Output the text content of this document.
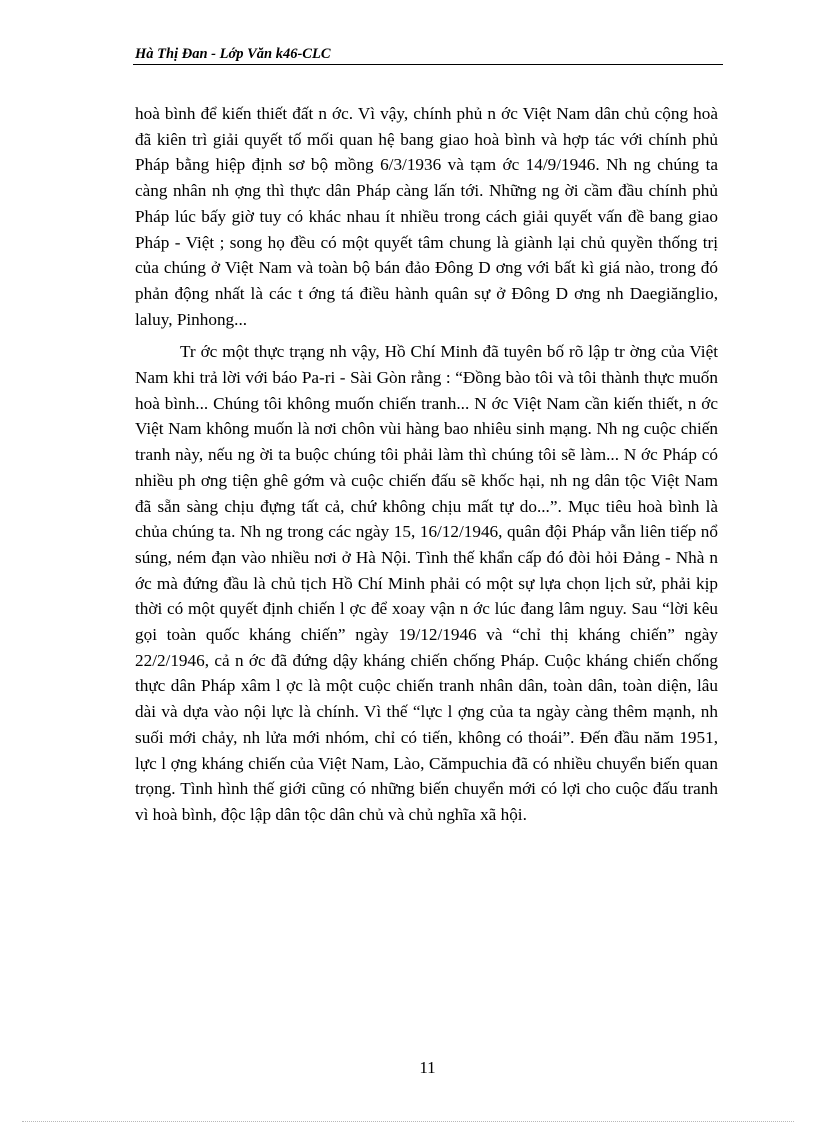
Hà Thị Đan - Lớp Văn k46-CLC

hoà bình để kiến thiết đất n ớc. Vì vậy, chính phủ n ớc Việt Nam dân chủ cộng hoà đã kiên trì giải quyết tố mối quan hệ bang giao hoà bình và hợp tác với chính phủ Pháp bằng hiệp định sơ bộ mồng 6/3/1936 và tạm ớc 14/9/1946. Nh ng chúng ta càng nhân nh ợng thì thực dân Pháp càng lấn tới. Những ng ời cầm đầu chính phủ Pháp lúc bấy giờ tuy có khác nhau ít nhiều trong cách giải quyết vấn đề bang giao Pháp - Việt ; song họ đều có một quyết tâm chung là giành lại chủ quyền thống trị của chúng ở Việt Nam và toàn bộ bán đảo Đông D ơng với bất kì giá nào, trong đó phản động nhất là các t ớng tá điều hành quân sự ở Đông D ơng nh Daegiănglio, laluy, Pinhong...

Tr ớc một thực trạng nh vậy, Hồ Chí Minh đã tuyên bố rõ lập tr ờng của Việt Nam khi trả lời với báo Pa-ri - Sài Gòn rằng : “Đồng bào tôi và tôi thành thực muốn hoà bình... Chúng tôi không muốn chiến tranh... N ớc Việt Nam cần kiến thiết, n ớc Việt Nam không muốn là nơi chôn vùi hàng bao nhiêu sinh mạng. Nh ng cuộc chiến tranh này, nếu ng ời ta buộc chúng tôi phải làm thì chúng tôi sẽ làm... N ớc Pháp có nhiều ph ơng tiện ghê gớm và cuộc chiến đấu sẽ khốc hại, nh ng dân tộc Việt Nam đã sẵn sàng chịu đựng tất cả, chứ không chịu mất tự do...”. Mục tiêu hoà bình là chủa chúng ta. Nh ng trong các ngày 15, 16/12/1946, quân đội Pháp vẫn liên tiếp nổ súng, ném đạn vào nhiều nơi ở Hà Nội. Tình thế khẩn cấp đó đòi hỏi Đảng - Nhà n ớc mà đứng đầu là chủ tịch Hồ Chí Minh phải có một sự lựa chọn lịch sử, phải kịp thời có một quyết định chiến l ợc để xoay vận n ớc lúc đang lâm nguy. Sau “lời kêu gọi toàn quốc kháng chiến” ngày 19/12/1946 và “chỉ thị kháng chiến” ngày 22/2/1946, cả n ớc đã đứng dậy kháng chiến chống Pháp. Cuộc kháng chiến chống thực dân Pháp xâm l ợc là một cuộc chiến tranh nhân dân, toàn dân, toàn diện, lâu dài và dựa vào nội lực là chính. Vì thế “lực l ợng của ta ngày càng thêm mạnh, nh suối mới chảy, nh lửa mới nhóm, chỉ có tiến, không có thoái”. Đến đầu năm 1951, lực l ợng kháng chiến của Việt Nam, Lào, Cămpuchia đã có nhiều chuyển biến quan trọng. Tình hình thế giới cũng có những biến chuyển mới có lợi cho cuộc đấu tranh vì hoà bình, độc lập dân tộc dân chủ và chủ nghĩa xã hội.

11
